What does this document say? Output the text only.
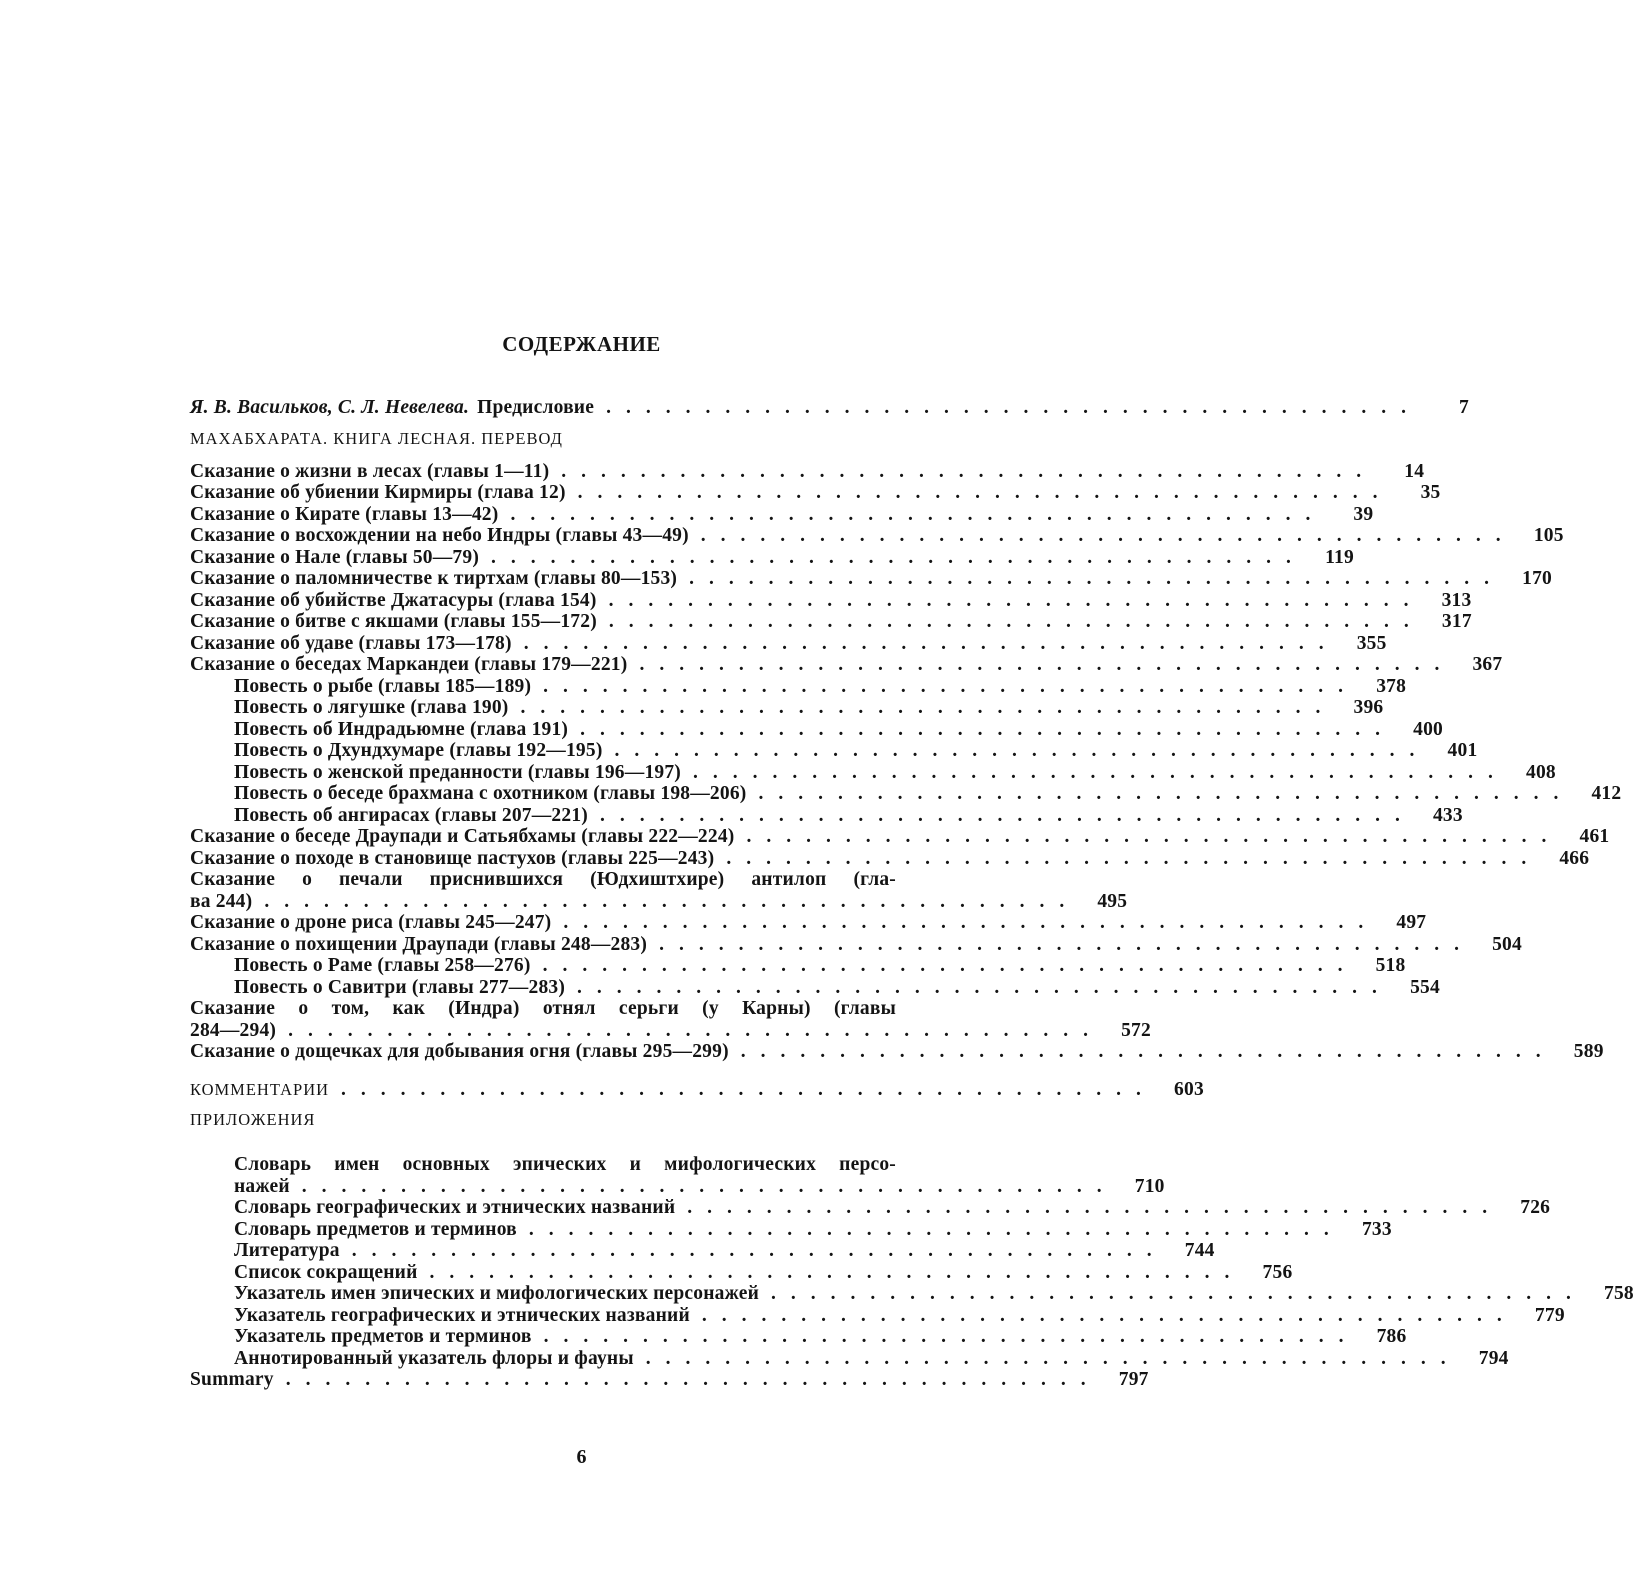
СОДЕРЖАНИЕ
Я. В. Васильков, С. Л. Невелева. Предисловие .........................................	7
МАХАБХАРАТА. КНИГА ЛЕСНАЯ. ПЕРЕВОД
Сказание о жизни в лесах (главы 1—11) .........................................	14
Сказание об убиении Кирмиры (глава 12) .........................................	35
Сказание о Кирате (главы 13—42) .........................................	39
Сказание о восхождении на небо Индры (главы 43—49) ......................................... 105
Сказание о Нале (главы 50—79) ......................................... 119
Сказание о паломничестве к тиртхам (главы 80—153) ......................................... 170
Сказание об убийстве Джатасуры (глава 154) ......................................... 313
Сказание о битве с якшами (главы 155—172) ......................................... 317
Сказание об удаве (главы 173—178) ......................................... 355
Сказание о беседах Маркандеи (главы 179—221) ......................................... 367
Повесть о рыбе (главы 185—189) ......................................... 378
Повесть о лягушке (глава 190) ......................................... 396
Повесть об Индрадьюмне (глава 191) ......................................... 400
Повесть о Дхундхумаре (главы 192—195) ......................................... 401
Повесть о женской преданности (главы 196—197) ......................................... 408
Повесть о беседе брахмана с охотником (главы 198—206) ......................................... 412
Повесть об ангирасах (главы 207—221) ......................................... 433
Сказание о беседе Драупади и Сатьябхамы (главы 222—224) ......................................... 461
Сказание о походе в становище пастухов (главы 225—243) ......................................... 466
Сказание о печали приснившихся (Юдхиштхире) антилоп (гла-
ва 244) ......................................... 495
Сказание о дроне риса (главы 245—247) ......................................... 497
Сказание о похищении Драупади (главы 248—283) ......................................... 504
Повесть о Раме (главы 258—276) ......................................... 518
Повесть о Савитри (главы 277—283) ......................................... 554
Сказание о том, как (Индра) отнял серьги (у Карны) (главы
284—294) ......................................... 572
Сказание о дощечках для добывания огня (главы 295—299) ......................................... 589
КОММЕНТАРИИ ......................................... 603
ПРИЛОЖЕНИЯ
Словарь имен основных эпических и мифологических персо-
нажей ......................................... 710
Словарь географических и этнических названий ......................................... 726
Словарь предметов и терминов ......................................... 733
Литература ......................................... 744
Список сокращений ......................................... 756
Указатель имен эпических и мифологических персонажей ......................................... 758
Указатель географических и этнических названий ......................................... 779
Указатель предметов и терминов ......................................... 786
Аннотированный указатель флоры и фауны ......................................... 794
Summary ......................................... 797
6
